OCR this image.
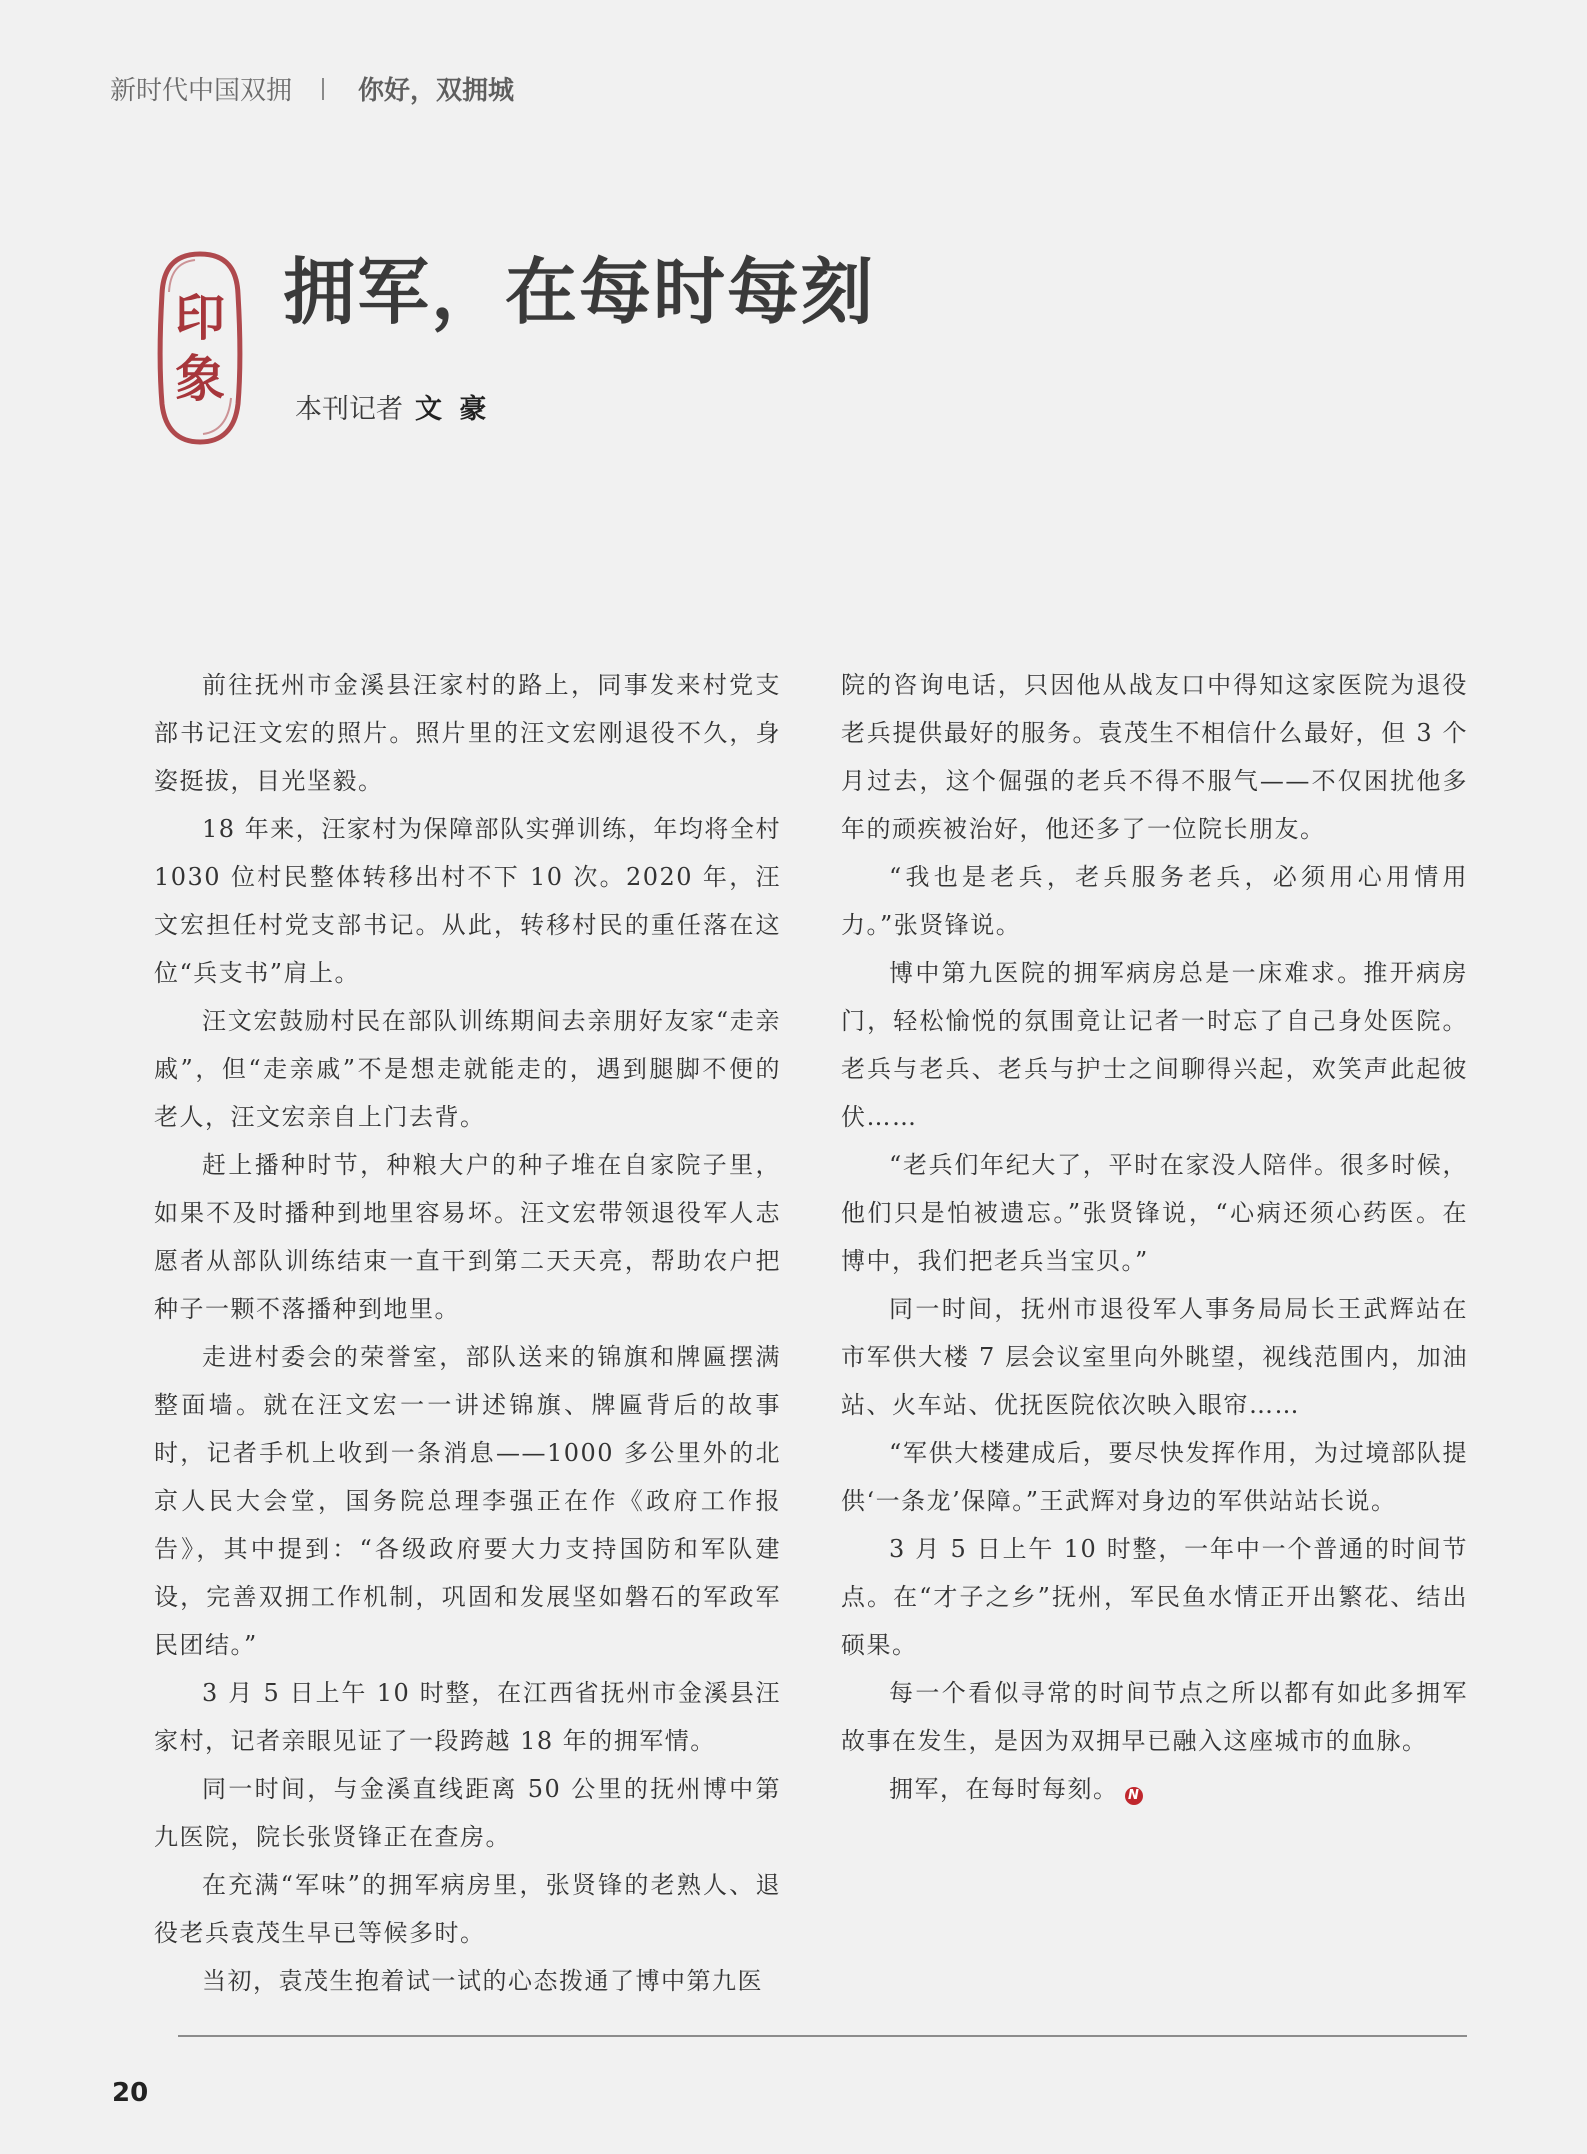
新时代中国双拥	你好，双拥城
印
象
拥军，在每时每刻
本刊记者 文 豪

前往抚州市金溪县汪家村的路上，同事发来村党支部书记汪文宏的照片。照片里的汪文宏刚退役不久，身姿挺拔，目光坚毅。

18 年来，汪家村为保障部队实弹训练，年均将全村 1030 位村民整体转移出村不下 10 次。2020 年，汪文宏担任村党支部书记。从此，转移村民的重任落在这位“兵支书”肩上。

汪文宏鼓励村民在部队训练期间去亲朋好友家“走亲戚”，但“走亲戚”不是想走就能走的，遇到腿脚不便的老人，汪文宏亲自上门去背。

赶上播种时节，种粮大户的种子堆在自家院子里，如果不及时播种到地里容易坏。汪文宏带领退役军人志愿者从部队训练结束一直干到第二天天亮，帮助农户把种子一颗不落播种到地里。

走进村委会的荣誉室，部队送来的锦旗和牌匾摆满整面墙。就在汪文宏一一讲述锦旗、牌匾背后的故事时，记者手机上收到一条消息——1000 多公里外的北京人民大会堂，国务院总理李强正在作《政府工作报告》，其中提到：“各级政府要大力支持国防和军队建设，完善双拥工作机制，巩固和发展坚如磐石的军政军民团结。”

3 月 5 日上午 10 时整，在江西省抚州市金溪县汪家村，记者亲眼见证了一段跨越 18 年的拥军情。

同一时间，与金溪直线距离 50 公里的抚州博中第九医院，院长张贤锋正在查房。

在充满“军味”的拥军病房里，张贤锋的老熟人、退役老兵袁茂生早已等候多时。

当初，袁茂生抱着试一试的心态拨通了博中第九医

院的咨询电话，只因他从战友口中得知这家医院为退役老兵提供最好的服务。袁茂生不相信什么最好，但 3 个月过去，这个倔强的老兵不得不服气——不仅困扰他多年的顽疾被治好，他还多了一位院长朋友。

“我也是老兵，老兵服务老兵，必须用心用情用力。”张贤锋说。

博中第九医院的拥军病房总是一床难求。推开病房门，轻松愉悦的氛围竟让记者一时忘了自己身处医院。老兵与老兵、老兵与护士之间聊得兴起，欢笑声此起彼伏……

“老兵们年纪大了，平时在家没人陪伴。很多时候，他们只是怕被遗忘。”张贤锋说，“心病还须心药医。在博中，我们把老兵当宝贝。”

同一时间，抚州市退役军人事务局局长王武辉站在市军供大楼 7 层会议室里向外眺望，视线范围内，加油站、火车站、优抚医院依次映入眼帘……

“军供大楼建成后，要尽快发挥作用，为过境部队提供‘一条龙’保障。”王武辉对身边的军供站站长说。

3 月 5 日上午 10 时整，一年中一个普通的时间节点。在“才子之乡”抚州，军民鱼水情正开出繁花、结出硕果。

每一个看似寻常的时间节点之所以都有如此多拥军故事在发生，是因为双拥早已融入这座城市的血脉。

拥军，在每时每刻。 N

20
